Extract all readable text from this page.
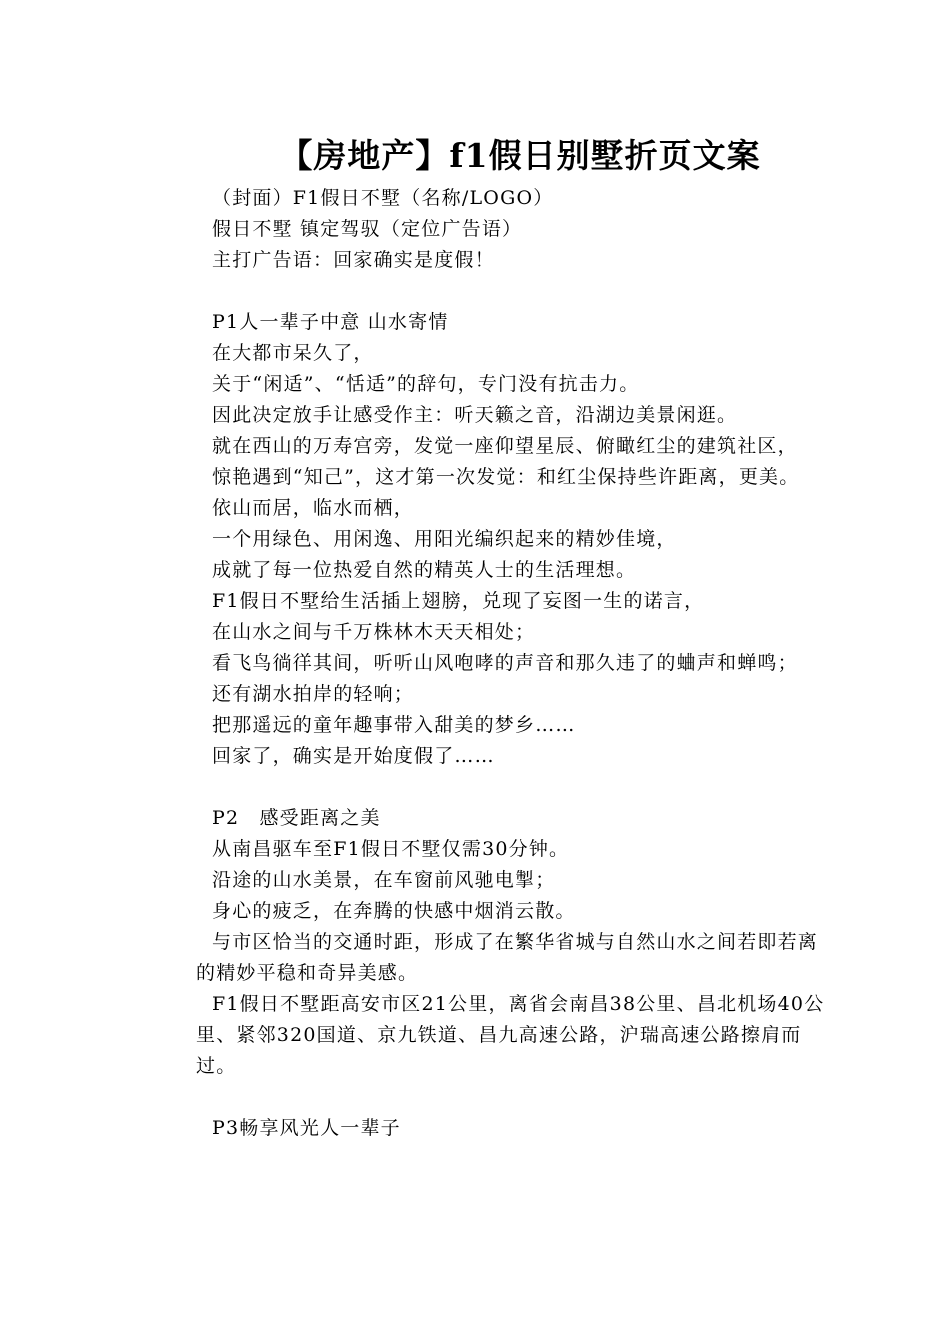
【房地产】f1假日别墅折页文案

（封面）F1假日不墅（名称/LOGO）

假日不墅 镇定驾驭（定位广告语）

主打广告语：回家确实是度假！

P1人一辈子中意 山水寄情

在大都市呆久了，

关于“闲适”、“恬适”的辞句，专门没有抗击力。

因此决定放手让感受作主：听天籁之音，沿湖边美景闲逛。

就在西山的万寿宫旁，发觉一座仰望星辰、俯瞰红尘的建筑社区，

惊艳遇到“知己”，这才第一次发觉：和红尘保持些许距离，更美。

依山而居，临水而栖，

一个用绿色、用闲逸、用阳光编织起来的精妙佳境，

成就了每一位热爱自然的精英人士的生活理想。

F1假日不墅给生活插上翅膀，兑现了妄图一生的诺言，

在山水之间与千万株林木天天相处；

看飞鸟徜徉其间，听听山风咆哮的声音和那久违了的蛐声和蝉鸣；

还有湖水拍岸的轻响；

把那遥远的童年趣事带入甜美的梦乡……

回家了，确实是开始度假了……

P2　感受距离之美

从南昌驱车至F1假日不墅仅需30分钟。

沿途的山水美景，在车窗前风驰电掣；

身心的疲乏，在奔腾的快感中烟消云散。

与市区恰当的交通时距，形成了在繁华省城与自然山水之间若即若离的精妙平稳和奇异美感。

F1假日不墅距高安市区21公里，离省会南昌38公里、昌北机场40公里、紧邻320国道、京九铁道、昌九高速公路，沪瑞高速公路擦肩而过。

P3畅享风光人一辈子
